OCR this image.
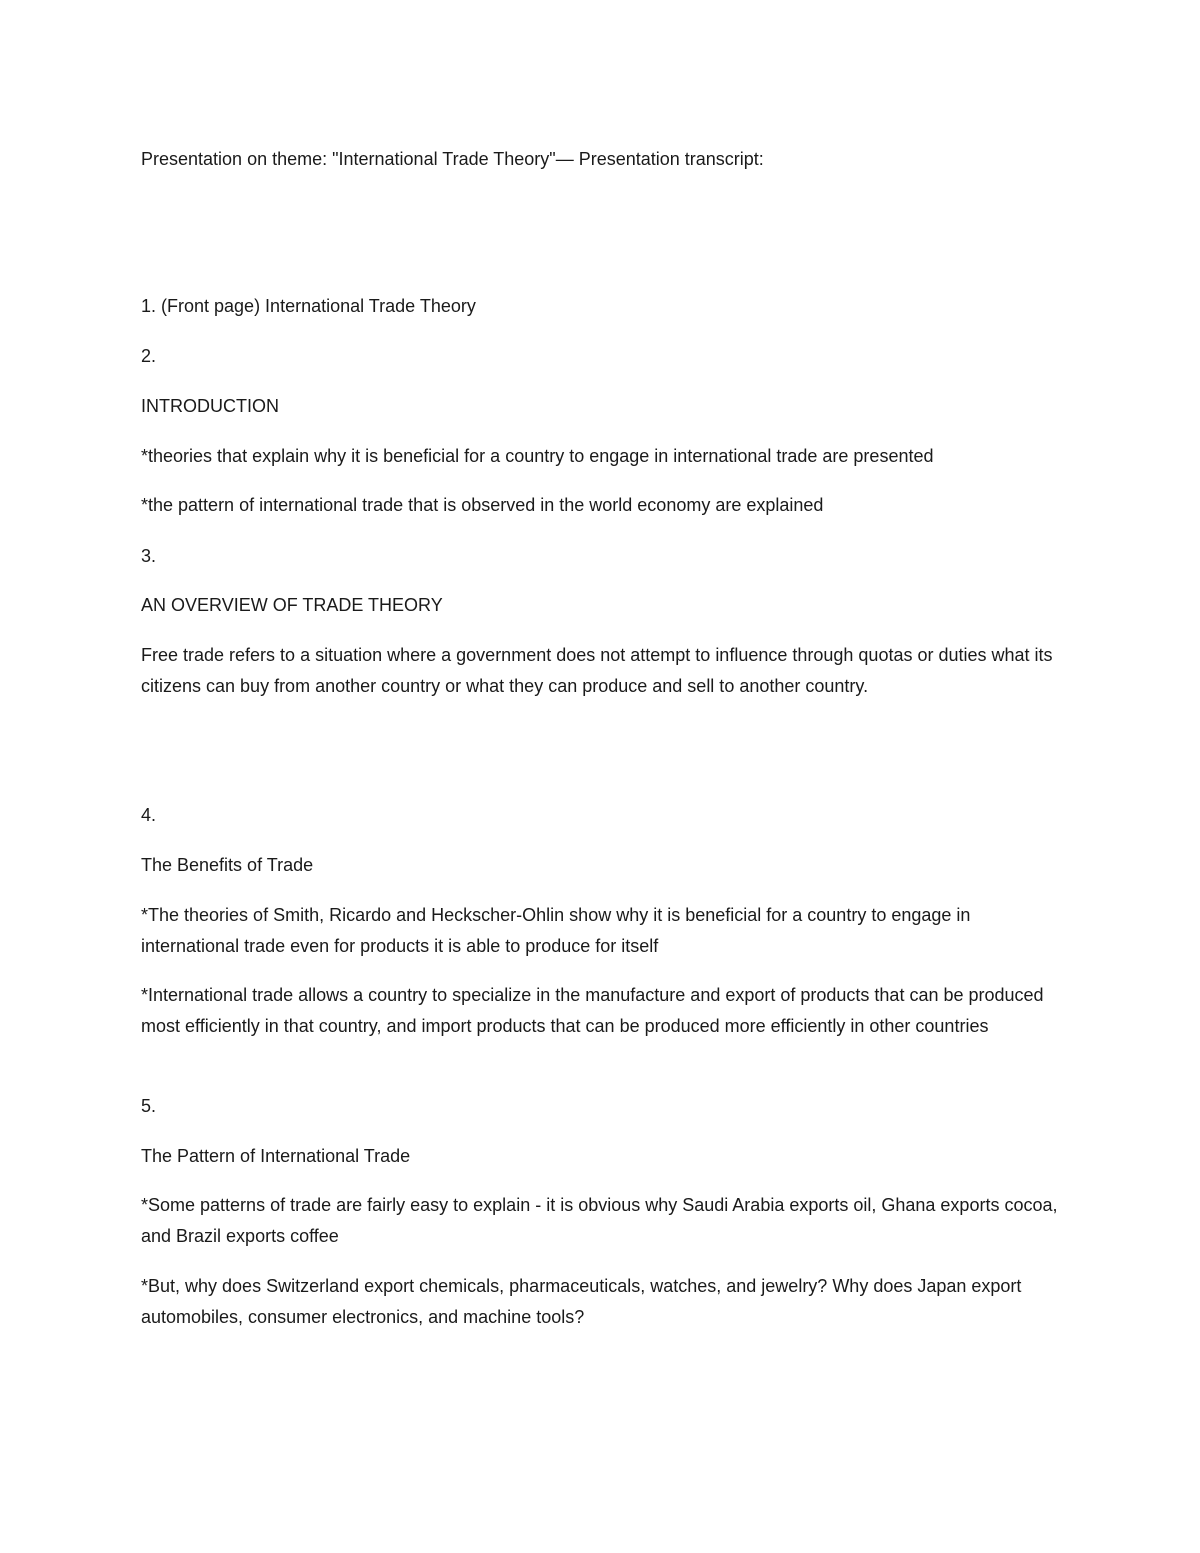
Presentation on theme: "International Trade Theory"— Presentation transcript:

1. (Front page) International Trade Theory

2.

INTRODUCTION

*theories that explain why it is beneficial for a country to engage in international trade are presented

*the pattern of international trade that is observed in the world economy are explained

3.

AN OVERVIEW OF TRADE THEORY

Free trade refers to a situation where a government does not attempt to influence through quotas or duties what its citizens can buy from another country or what they can produce and sell to another country.

4.

The Benefits of Trade

*The theories of Smith, Ricardo and Heckscher-Ohlin show why it is beneficial for a country to engage in international trade even for products it is able to produce for itself

*International trade allows a country to specialize in the manufacture and export of products that can be produced most efficiently in that country, and import products that can be produced more efficiently in other countries

5.

The Pattern of International Trade

*Some patterns of trade are fairly easy to explain - it is obvious why Saudi Arabia exports oil, Ghana exports cocoa, and Brazil exports coffee

*But, why does Switzerland export chemicals, pharmaceuticals, watches, and jewelry? Why does Japan export automobiles, consumer electronics, and machine tools?
